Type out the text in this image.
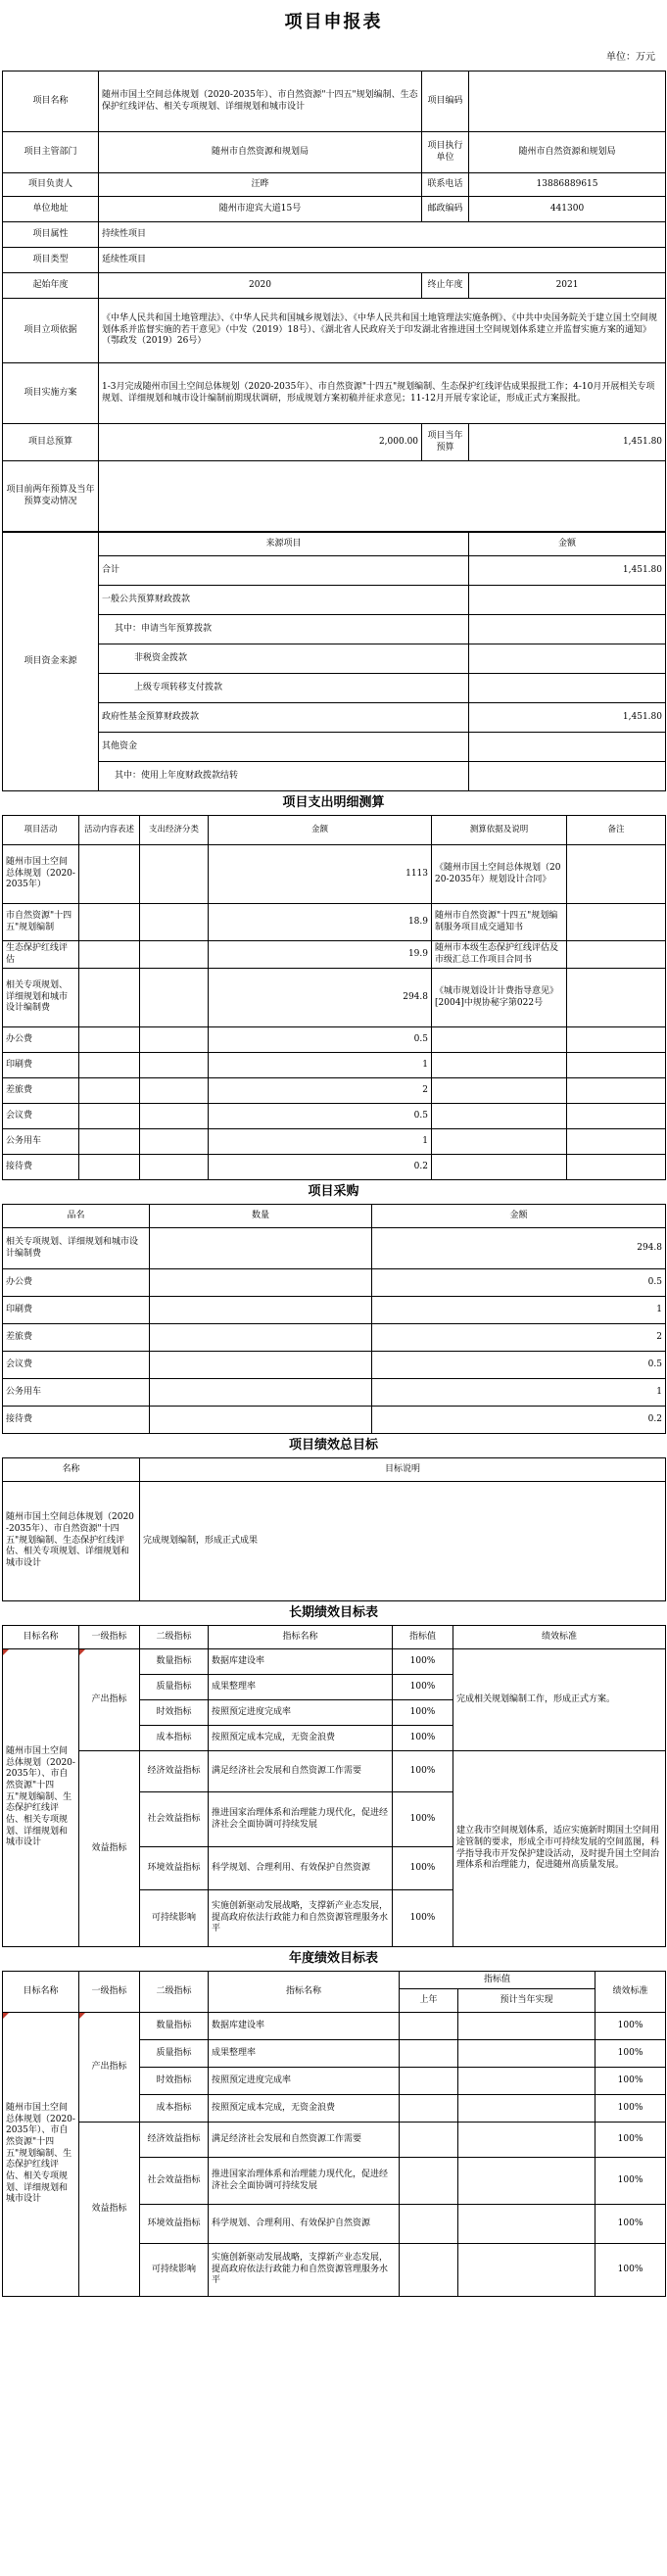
项目申报表
单位：万元
项目名称	随州市国土空间总体规划（2020-2035年）、市自然资源"十四五"规划编制、生态保护红线评估、相关专项规划、详细规划和城市设计	项目编码	
项目主管部门	随州市自然资源和规划局	项目执行单位	随州市自然资源和规划局
项目负责人	汪晔	联系电话	13886889615
单位地址	随州市迎宾大道15号	邮政编码	441300
项目属性	持续性项目		
项目类型	延续性项目		
起始年度	2020	终止年度	2021
项目立项依据	《中华人民共和国土地管理法》、《中华人民共和国城乡规划法》、《中华人民共和国土地管理法实施条例》、《中共中央国务院关于建立国土空间规划体系并监督实施的若干意见》（中发（2019）18号）、《湖北省人民政府关于印发湖北省推进国土空间规划体系建立并监督实施方案的通知》（鄂政发（2019）26号）		
项目实施方案	1-3月完成随州市国土空间总体规划（2020-2035年）、市自然资源"十四五"规划编制、生态保护红线评估成果报批工作；4-10月开展相关专项规划、详细规划和城市设计编制前期现状调研，形成规划方案初稿并征求意见；11-12月开展专家论证，形成正式方案报批。		
项目总预算	2,000.00	项目当年预算	1,451.80
项目前两年预算及当年预算变动情况			
项目资金来源	来源项目	金额
	合计	1,451.80
	一般公共预算财政拨款	
	其中：申请当年预算拨款	
	非税资金拨款	
	上级专项转移支付拨款	
	政府性基金预算财政拨款	1,451.80
	其他资金	
	其中：使用上年度财政拨款结转	
项目支出明细测算
项目活动	活动内容表述	支出经济分类	金额	测算依据及说明	备注
随州市国土空间总体规划（2020-2035年）			1113	《随州市国土空间总体规划（2020-2035年）规划设计合同》	
市自然资源"十四五"规划编制			18.9	随州市自然资源"十四五"规划编制服务项目成交通知书	
生态保护红线评估			19.9	随州市本级生态保护红线评估及市级汇总工作项目合同书	
相关专项规划、详细规划和城市设计编制费			294.8	《城市规划设计计费指导意见》[2004]中规协秘字第022号	
办公费			0.5		
印刷费			1		
差旅费			2		
会议费			0.5		
公务用车			1		
接待费			0.2		
项目采购
品名	数量	金额
相关专项规划、详细规划和城市设计编制费		294.8
办公费		0.5
印刷费		1
差旅费		2
会议费		0.5
公务用车		1
接待费		0.2
项目绩效总目标
名称	目标说明
随州市国土空间总体规划（2020-2035年）、市自然资源"十四五"规划编制、生态保护红线评估、相关专项规划、详细规划和城市设计	完成规划编制，形成正式成果
长期绩效目标表
目标名称	一级指标	二级指标	指标名称	指标值	绩效标准
随州市国土空间总体规划（2020-2035年）、市自然资源"十四五"规划编制、生态保护红线评估、相关专项规划、详细规划和城市设计	产出指标	数量指标	数据库建设率	100%	完成相关规划编制工作，形成正式方案。
		质量指标	成果整理率	100%	
		时效指标	按照预定进度完成率	100%	
		成本指标	按照预定成本完成，无资金浪费	100%	
	效益指标	经济效益指标	满足经济社会发展和自然资源工作需要	100%	建立我市空间规划体系，适应实施新时期国土空间用途管制的要求，形成全市可持续发展的空间蓝图，科学指导我市开发保护建设活动，及时提升国土空间治理体系和治理能力，促进随州高质量发展。
		社会效益指标	推进国家治理体系和治理能力现代化，促进经济社会全面协调可持续发展	100%	
		环境效益指标	科学规划、合理利用、有效保护自然资源	100%	
		可持续影响	实施创新驱动发展战略，支撑新产业态发展，提高政府依法行政能力和自然资源管理服务水平	100%	
年度绩效目标表
目标名称	一级指标	二级指标	指标名称	指标值		绩效标准
				上年	预计当年实现	
随州市国土空间总体规划（2020-2035年）、市自然资源"十四五"规划编制、生态保护红线评估、相关专项规划、详细规划和城市设计	产出指标	数量指标	数据库建设率			100%
		质量指标	成果整理率			100%
		时效指标	按照预定进度完成率			100%
		成本指标	按照预定成本完成，无资金浪费			100%
	效益指标	经济效益指标	满足经济社会发展和自然资源工作需要			100%
		社会效益指标	推进国家治理体系和治理能力现代化，促进经济社会全面协调可持续发展			100%
		环境效益指标	科学规划、合理利用、有效保护自然资源			100%
		可持续影响	实施创新驱动发展战略，支撑新产业态发展，提高政府依法行政能力和自然资源管理服务水平			100%
